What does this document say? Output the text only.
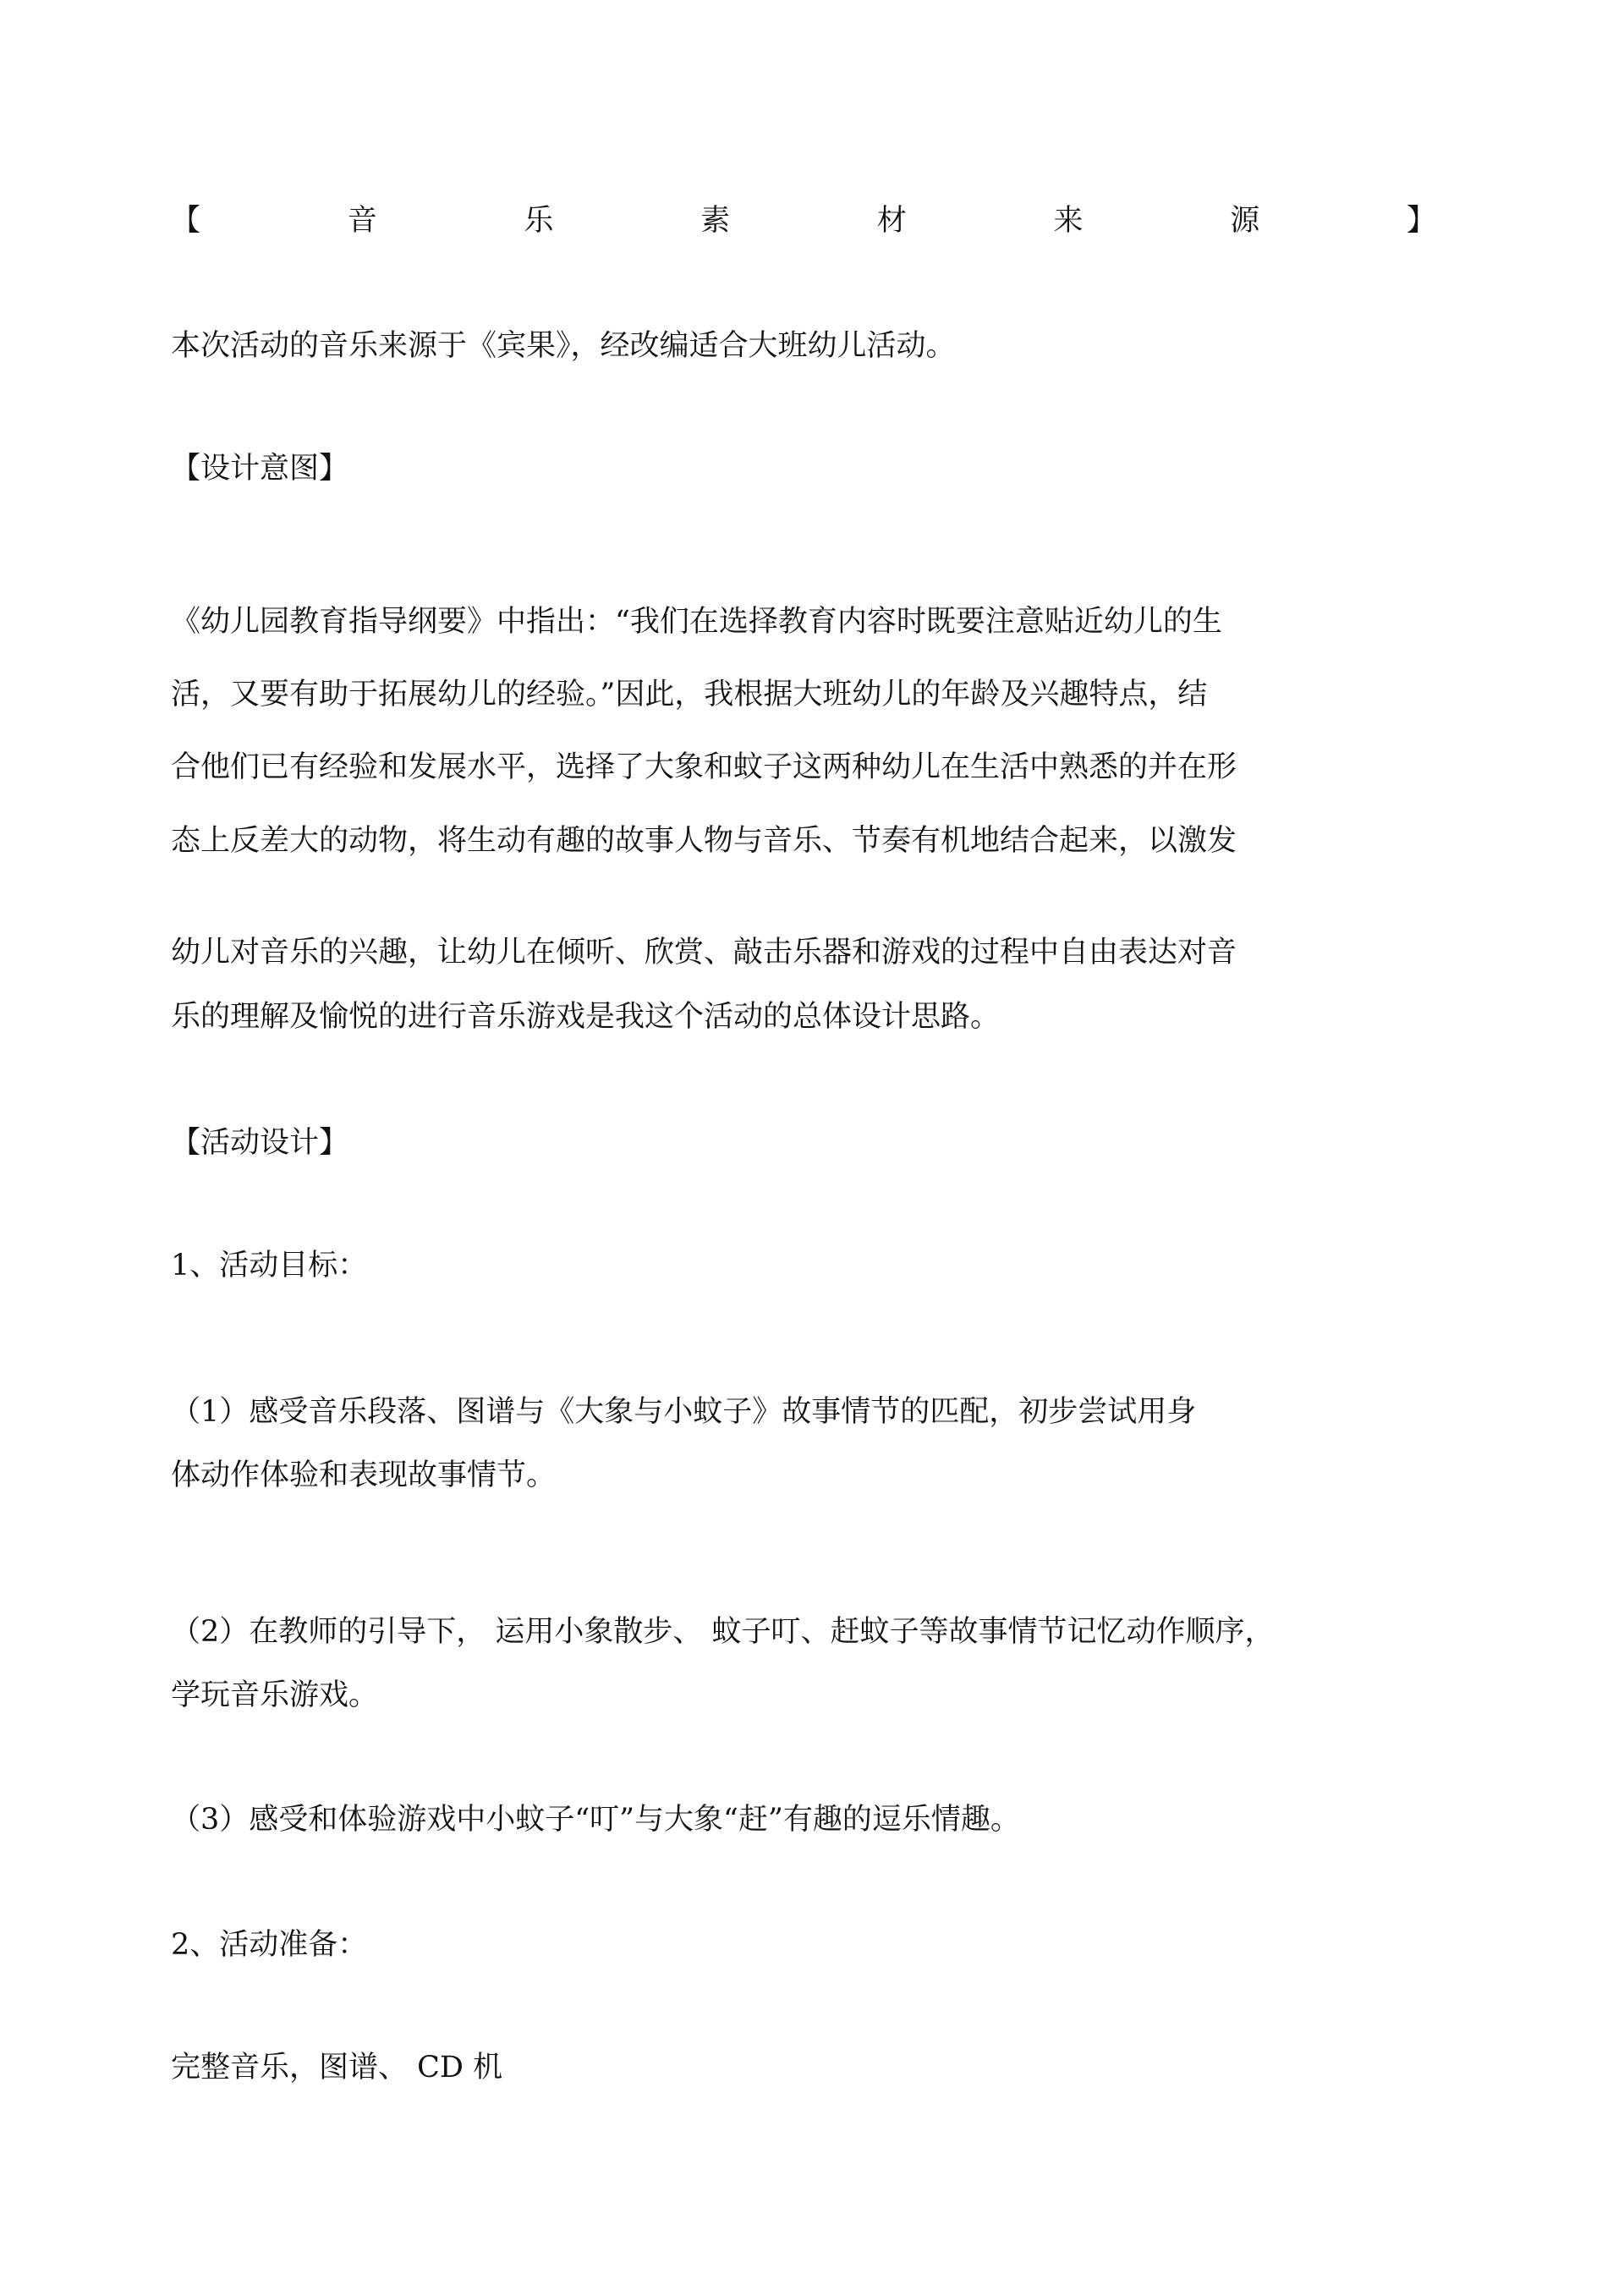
【	音	乐	素	材	来	源	】
本次活动的音乐来源于《宾果》，经改编适合大班幼儿活动。
【设计意图】
《幼儿园教育指导纲要》中指出：“我们在选择教育内容时既要注意贴近幼儿的生
活，又要有助于拓展幼儿的经验。”因此，我根据大班幼儿的年龄及兴趣特点，结
合他们已有经验和发展水平，选择了大象和蚊子这两种幼儿在生活中熟悉的并在形
态上反差大的动物，将生动有趣的故事人物与音乐、节奏有机地结合起来，以激发
幼儿对音乐的兴趣，让幼儿在倾听、欣赏、敲击乐器和游戏的过程中自由表达对音
乐的理解及愉悦的进行音乐游戏是我这个活动的总体设计思路。
【活动设计】
1、活动目标：
（1）感受音乐段落、图谱与《大象与小蚊子》故事情节的匹配，初步尝试用身
体动作体验和表现故事情节。
（2）在教师的引导下， 运用小象散步、 蚊子叮、赶蚊子等故事情节记忆动作顺序，
学玩音乐游戏。
（3）感受和体验游戏中小蚊子“叮”与大象“赶”有趣的逗乐情趣。
2、活动准备：
完整音乐，图谱、 CD 机
